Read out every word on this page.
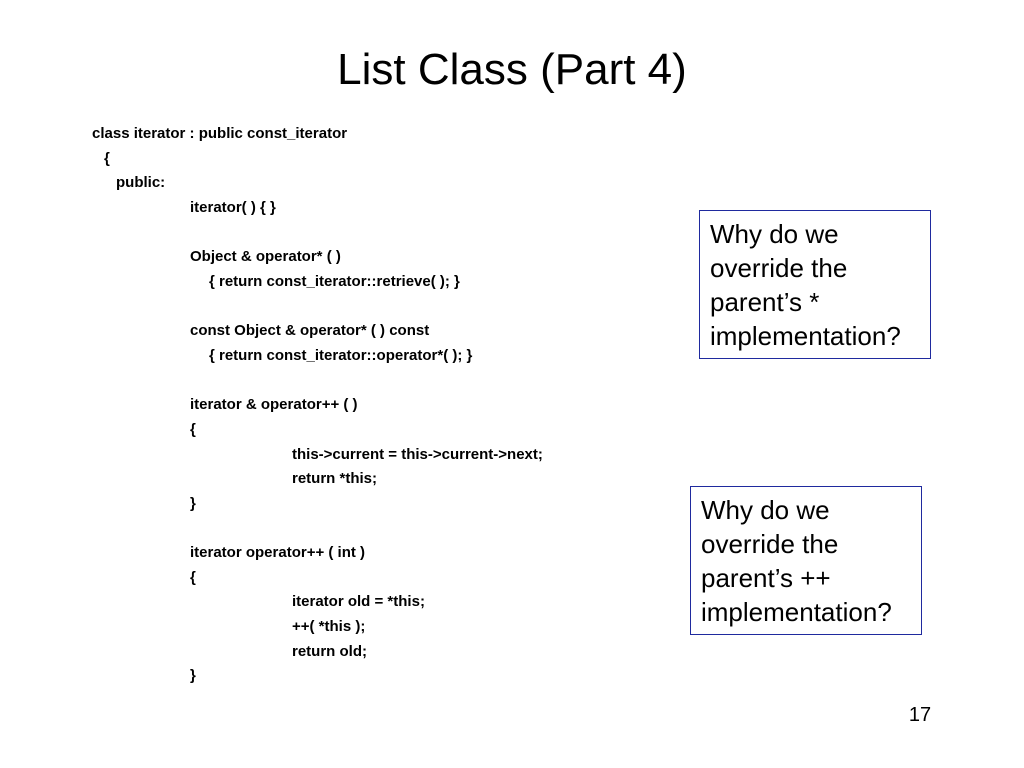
List Class (Part 4)
class iterator : public const_iterator
{
public:
iterator( ) { }
Object & operator* ( )
{ return const_iterator::retrieve( ); }
const Object & operator* ( ) const
{ return const_iterator::operator*( ); }
iterator & operator++ ( )
{
this->current = this->current->next;
return *this;
}
iterator operator++ ( int )
{
iterator old = *this;
++( *this );
return old;
}
Why do we
override the
parent’s *
implementation?
Why do we
override the
parent’s ++
implementation?
17
